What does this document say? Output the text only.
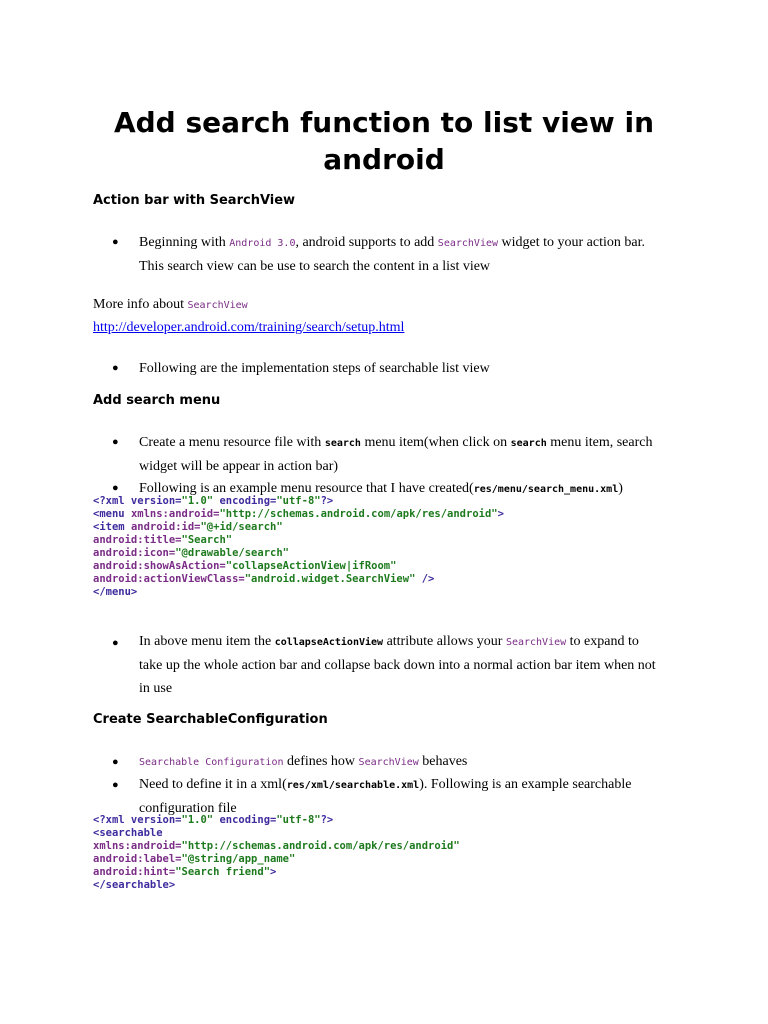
Add search function to list view in
android
Action bar with SearchView
● Beginning with Android 3.0, android supports to add SearchView widget to your action bar.
This search view can be use to search the content in a list view
More info about SearchView
http://developer.android.com/training/search/setup.html
● Following are the implementation steps of searchable list view
Add search menu
● Create a menu resource file with search menu item(when click on search menu item, search
widget will be appear in action bar)
● Following is an example menu resource that I have created(res/menu/search_menu.xml)
<?xml version="1.0" encoding="utf-8"?>
<menu xmlns:android="http://schemas.android.com/apk/res/android">
<item android:id="@+id/search"
android:title="Search"
android:icon="@drawable/search"
android:showAsAction="collapseActionView|ifRoom"
android:actionViewClass="android.widget.SearchView" />
</menu>
● In above menu item the collapseActionView attribute allows your SearchView to expand to
take up the whole action bar and collapse back down into a normal action bar item when not
in use
Create SearchableConfiguration
●	Searchable Configuration defines how SearchView behaves
● Need to define it in a xml(res/xml/searchable.xml). Following is an example searchable
configuration file
<?xml version="1.0" encoding="utf-8"?>
<searchable
xmlns:android="http://schemas.android.com/apk/res/android"
android:label="@string/app_name"
android:hint="Search friend">
</searchable>
